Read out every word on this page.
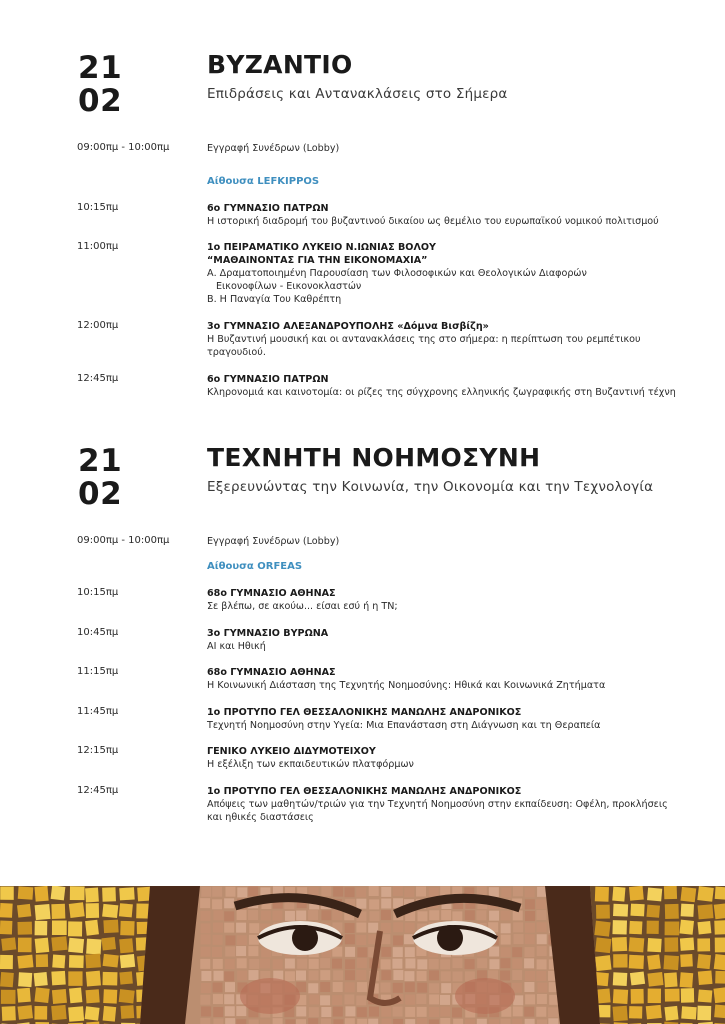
21
02
ΒΥΖΑΝΤΙΟ
Επιδράσεις και Αντανακλάσεις στο Σήμερα
09:00πμ - 10:00πμ	Εγγραφή Συνέδρων (Lobby)
Αίθουσα LEFKIPPOS
10:15πμ	6ο ΓΥΜΝΑΣΙΟ ΠΑΤΡΩΝ
Η ιστορική διαδρομή του βυζαντινού δικαίου ως θεμέλιο του ευρωπαϊκού νομικού πολιτισμού
11:00πμ	1ο ΠΕΙΡΑΜΑΤΙΚΟ ΛΥΚΕΙΟ Ν.ΙΩΝΙΑΣ ΒΟΛΟΥ
“ΜΑΘΑΙΝΟΝΤΑΣ ΓΙΑ ΤΗΝ ΕΙΚΟΝΟΜΑΧΙΑ”
Α. Δραματοποιημένη Παρουσίαση των Φιλοσοφικών και Θεολογικών Διαφορών
Εικονοφίλων - Εικονοκλαστών
Β. Η Παναγία Του Καθρέπτη
12:00πμ	3ο ΓΥΜΝΑΣΙΟ ΑΛΕΞΑΝΔΡΟΥΠΟΛΗΣ «Δόμνα Βισβίζη»
Η Βυζαντινή μουσική και οι αντανακλάσεις της στο σήμερα: η περίπτωση του ρεμπέτικου
τραγουδιού.
12:45πμ	6ο ΓΥΜΝΑΣΙΟ ΠΑΤΡΩΝ
Κληρονομιά και καινοτομία: οι ρίζες της σύγχρονης ελληνικής ζωγραφικής στη Βυζαντινή τέχνη
21
02
ΤΕΧΝΗΤΗ ΝΟΗΜΟΣΥΝΗ
Εξερευνώντας την Κοινωνία, την Οικονομία και την Τεχνολογία
09:00πμ - 10:00πμ	Εγγραφή Συνέδρων (Lobby)
Αίθουσα ORFEAS
10:15πμ	68ο ΓΥΜΝΑΣΙΟ ΑΘΗΝΑΣ
Σε βλέπω, σε ακούω... είσαι εσύ ή η ΤΝ;
10:45πμ	3ο ΓΥΜΝΑΣΙΟ ΒΥΡΩΝΑ
AI και Ηθική
11:15πμ	68ο ΓΥΜΝΑΣΙΟ ΑΘΗΝΑΣ
Η Κοινωνική Διάσταση της Τεχνητής Νοημοσύνης: Ηθικά και Κοινωνικά Ζητήματα
11:45πμ	1ο ΠΡΟΤΥΠΟ ΓΕΛ ΘΕΣΣΑΛΟΝΙΚΗΣ ΜΑΝΩΛΗΣ ΑΝΔΡΟΝΙΚΟΣ
Τεχνητή Νοημοσύνη στην Υγεία: Μια Επανάσταση στη Διάγνωση και τη Θεραπεία
12:15πμ	ΓΕΝΙΚΟ ΛΥΚΕΙΟ ΔΙΔΥΜΟΤΕΙΧΟΥ
Η εξέλιξη των εκπαιδευτικών πλατφόρμων
12:45πμ	1ο ΠΡΟΤΥΠΟ ΓΕΛ ΘΕΣΣΑΛΟΝΙΚΗΣ ΜΑΝΩΛΗΣ ΑΝΔΡΟΝΙΚΟΣ
Απόψεις των μαθητών/τριών για την Τεχνητή Νοημοσύνη στην εκπαίδευση: Οφέλη, προκλήσεις
και ηθικές διαστάσεις
